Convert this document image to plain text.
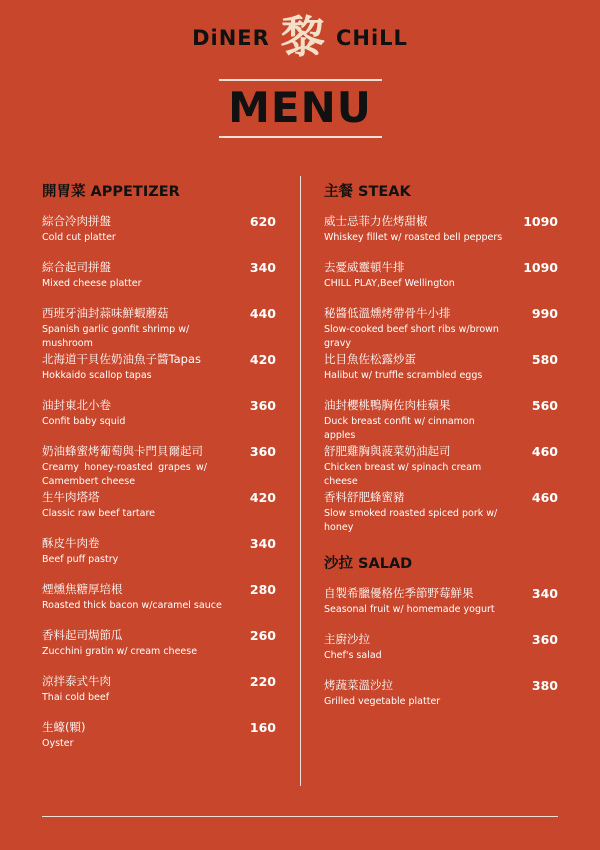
DiNER 黎 CHiLL
MENU
開胃菜 APPETIZER
綜合冷肉拼盤
Cold cut platter
620
綜合起司拼盤
Mixed cheese platter
340
西班牙油封蒜味鮮蝦蘑菇
Spanish garlic gonfit shrimp w/ mushroom
440
北海道干貝佐奶油魚子醬Tapas
Hokkaido scallop tapas
420
油封東北小卷
Confit baby squid
360
奶油蜂蜜烤葡萄與卡門貝爾起司
Creamy honey-roasted grapes w/ Camembert cheese
360
生牛肉塔塔
Classic raw beef tartare
420
酥皮牛肉卷
Beef puff pastry
340
煙燻焦糖厚培根
Roasted thick bacon w/caramel sauce
280
香料起司焗節瓜
Zucchini gratin w/ cream cheese
260
涼拌泰式牛肉
Thai cold beef
220
生蠔(顆)
Oyster
160
主餐 STEAK
威士忌菲力佐烤甜椒
Whiskey fillet w/ roasted bell peppers
1090
去憂威靈頓牛排
CHILL PLAY,Beef Wellington
1090
秘醬低溫燻烤帶骨牛小排
Slow-cooked beef short ribs w/brown gravy
990
比目魚佐松露炒蛋
Halibut w/ truffle scrambled eggs
580
油封櫻桃鴨胸佐肉桂蘋果
Duck breast confit w/ cinnamon apples
560
舒肥雞胸與菠菜奶油起司
Chicken breast w/ spinach cream cheese
460
香料舒肥蜂蜜豬
Slow smoked roasted spiced pork w/ honey
460
沙拉 SALAD
自製希臘優格佐季節野莓鮮果
Seasonal fruit w/ homemade yogurt
340
主廚沙拉
Chef's salad
360
烤蔬菜溫沙拉
Grilled vegetable platter
380
